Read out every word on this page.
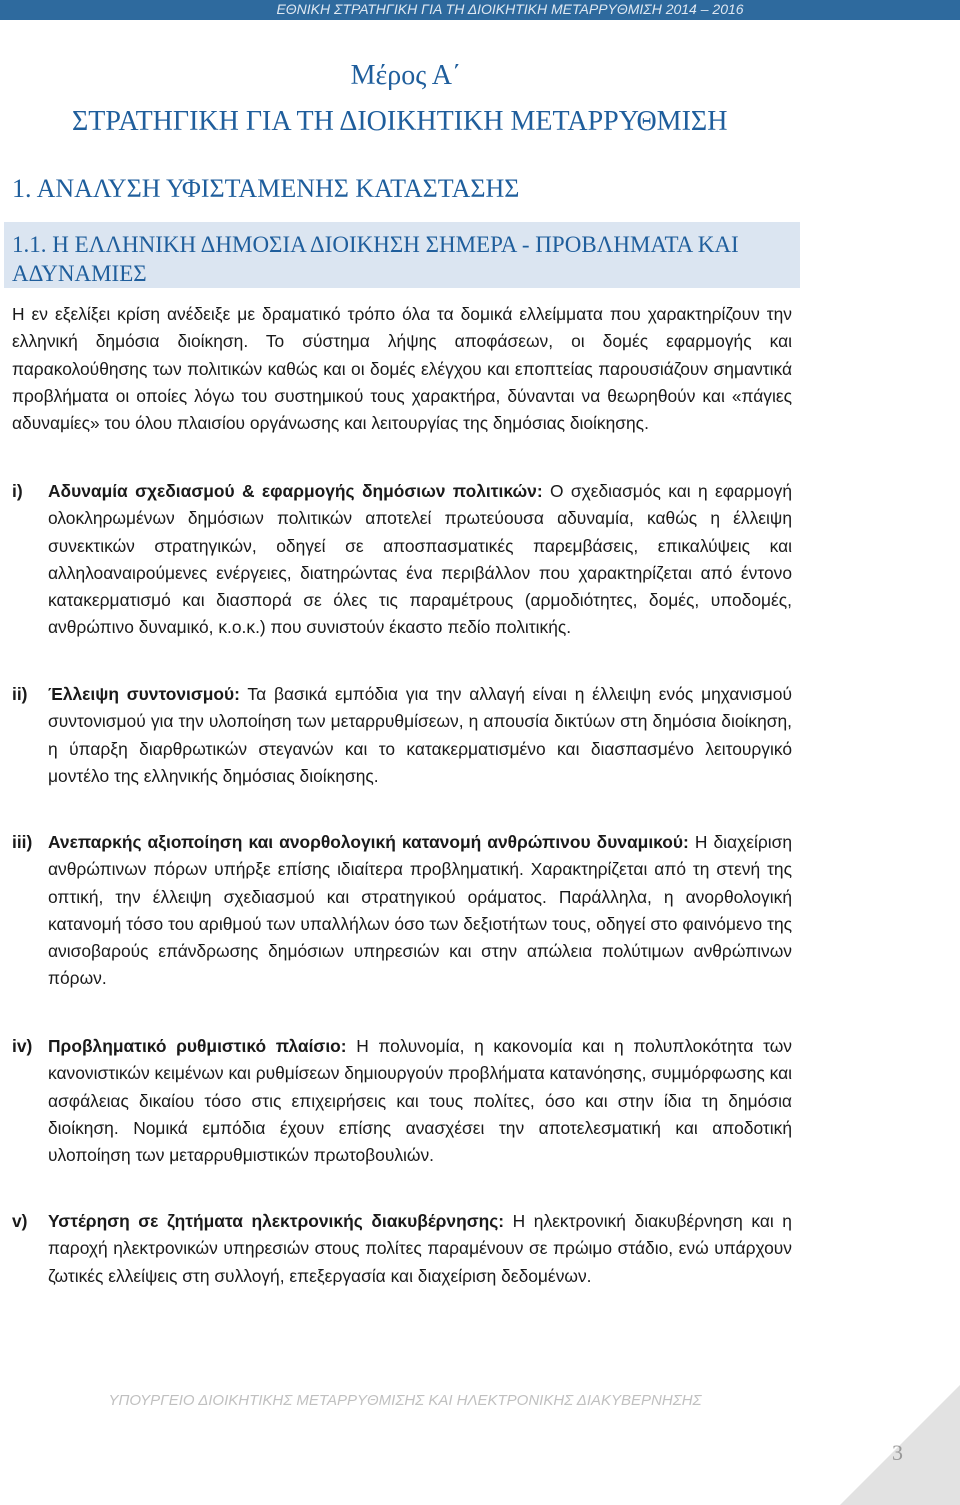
ΕΘΝΙΚΗ ΣΤΡΑΤΗΓΙΚΗ ΓΙΑ ΤΗ ΔΙΟΙΚΗΤΙΚΗ ΜΕΤΑΡΡΥΘΜΙΣΗ 2014 – 2016
Μέρος Α΄
ΣΤΡΑΤΗΓΙΚΗ ΓΙΑ ΤΗ ΔΙΟΙΚΗΤΙΚΗ ΜΕΤΑΡΡΥΘΜΙΣΗ
1. ΑΝΑΛΥΣΗ ΥΦΙΣΤΑΜΕΝΗΣ ΚΑΤΑΣΤΑΣΗΣ
1.1. Η ΕΛΛΗΝΙΚΗ ΔΗΜΟΣΙΑ ΔΙΟΙΚΗΣΗ ΣΗΜΕΡΑ - ΠΡΟΒΛΗΜΑΤΑ ΚΑΙ ΑΔΥΝΑΜΙΕΣ
Η εν εξελίξει κρίση ανέδειξε με δραματικό τρόπο όλα τα δομικά ελλείμματα που χαρακτηρίζουν την ελληνική δημόσια διοίκηση. Το σύστημα λήψης αποφάσεων, οι δομές εφαρμογής και παρακολούθησης των πολιτικών καθώς και οι δομές ελέγχου και εποπτείας παρουσιάζουν σημαντικά προβλήματα οι οποίες λόγω του συστημικού τους χαρακτήρα, δύνανται να θεωρηθούν και «πάγιες αδυναμίες» του όλου πλαισίου οργάνωσης και λειτουργίας της δημόσιας διοίκησης.
i) Αδυναμία σχεδιασμού & εφαρμογής δημόσιων πολιτικών: Ο σχεδιασμός και η εφαρμογή ολοκληρωμένων δημόσιων πολιτικών αποτελεί πρωτεύουσα αδυναμία, καθώς η έλλειψη συνεκτικών στρατηγικών, οδηγεί σε αποσπασματικές παρεμβάσεις, επικαλύψεις και αλληλοαναιρούμενες ενέργειες, διατηρώντας ένα περιβάλλον που χαρακτηρίζεται από έντονο κατακερματισμό και διασπορά σε όλες τις παραμέτρους (αρμοδιότητες, δομές, υποδομές, ανθρώπινο δυναμικό, κ.ο.κ.) που συνιστούν έκαστο πεδίο πολιτικής.
ii) Έλλειψη συντονισμού: Τα βασικά εμπόδια για την αλλαγή είναι η έλλειψη ενός μηχανισμού συντονισμού για την υλοποίηση των μεταρρυθμίσεων, η απουσία δικτύων στη δημόσια διοίκηση, η ύπαρξη διαρθρωτικών στεγανών και το κατακερματισμένο και διασπασμένο λειτουργικό μοντέλο της ελληνικής δημόσιας διοίκησης.
iii) Ανεπαρκής αξιοποίηση και ανορθολογική κατανομή ανθρώπινου δυναμικού: Η διαχείριση ανθρώπινων πόρων υπήρξε επίσης ιδιαίτερα προβληματική. Χαρακτηρίζεται από τη στενή της οπτική, την έλλειψη σχεδιασμού και στρατηγικού οράματος. Παράλληλα, η ανορθολογική κατανομή τόσο του αριθμού των υπαλλήλων όσο των δεξιοτήτων τους, οδηγεί στο φαινόμενο της ανισοβαρούς επάνδρωσης δημόσιων υπηρεσιών και στην απώλεια πολύτιμων ανθρώπινων πόρων.
iv) Προβληματικό ρυθμιστικό πλαίσιο: Η πολυνομία, η κακονομία και η πολυπλοκότητα των κανονιστικών κειμένων και ρυθμίσεων δημιουργούν προβλήματα κατανόησης, συμμόρφωσης και ασφάλειας δικαίου τόσο στις επιχειρήσεις και τους πολίτες, όσο και στην ίδια τη δημόσια διοίκηση. Νομικά εμπόδια έχουν επίσης ανασχέσει την αποτελεσματική και αποδοτική υλοποίηση των μεταρρυθμιστικών πρωτοβουλιών.
v) Υστέρηση σε ζητήματα ηλεκτρονικής διακυβέρνησης: Η ηλεκτρονική διακυβέρνηση και η παροχή ηλεκτρονικών υπηρεσιών στους πολίτες παραμένουν σε πρώιμο στάδιο, ενώ υπάρχουν ζωτικές ελλείψεις στη συλλογή, επεξεργασία και διαχείριση δεδομένων.
ΥΠΟΥΡΓΕΙΟ ΔΙΟΙΚΗΤΙΚΗΣ ΜΕΤΑΡΡΥΘΜΙΣΗΣ ΚΑΙ ΗΛΕΚΤΡΟΝΙΚΗΣ ΔΙΑΚΥΒΕΡΝΗΣΗΣ
3
